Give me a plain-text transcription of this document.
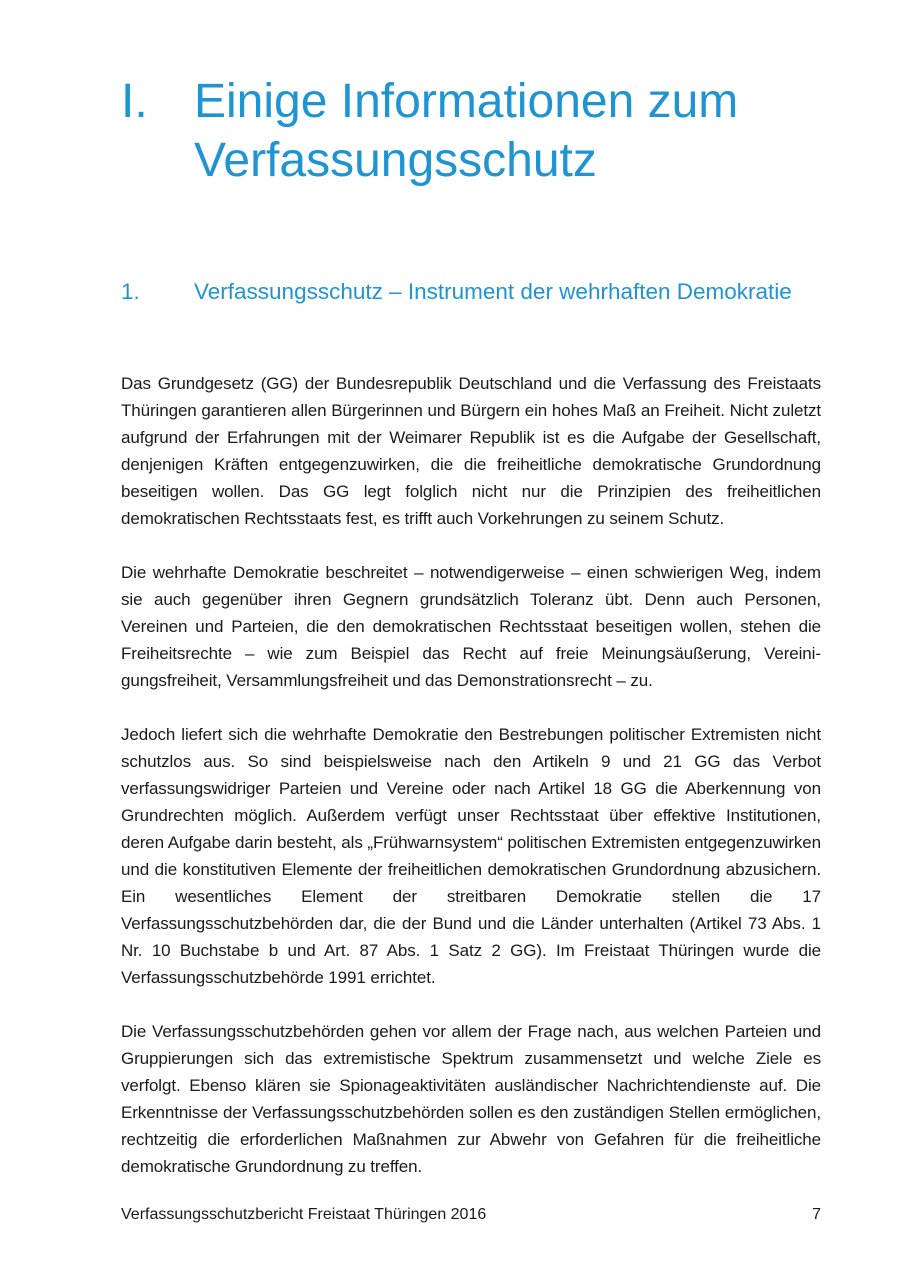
I. Einige Informationen zum Verfassungsschutz
1.	Verfassungsschutz – Instrument der wehrhaften Demokratie

Das Grundgesetz (GG) der Bundesrepublik Deutschland und die Verfassung des Freistaats Thüringen garantieren allen Bürgerinnen und Bürgern ein hohes Maß an Freiheit. Nicht zuletzt aufgrund der Erfahrungen mit der Weimarer Republik ist es die Aufgabe der Gesellschaft, denjenigen Kräften entgegenzuwirken, die die freiheitliche demokratische Grundordnung beseitigen wollen. Das GG legt folglich nicht nur die Prinzipien des freiheitlichen demokratischen Rechtsstaats fest, es trifft auch Vorkehrungen zu seinem Schutz.

Die wehrhafte Demokratie beschreitet – notwendigerweise – einen schwierigen Weg, indem sie auch gegenüber ihren Gegnern grundsätzlich Toleranz übt. Denn auch Personen, Vereinen und Parteien, die den demokratischen Rechtsstaat beseitigen wollen, stehen die Freiheitsrechte – wie zum Beispiel das Recht auf freie Meinungsäußerung, Vereinigungsfreiheit, Versammlungsfreiheit und das Demonstrationsrecht – zu.

Jedoch liefert sich die wehrhafte Demokratie den Bestrebungen politischer Extremisten nicht schutzlos aus. So sind beispielsweise nach den Artikeln 9 und 21 GG das Verbot verfassungswidriger Parteien und Vereine oder nach Artikel 18 GG die Aberkennung von Grundrechten möglich. Außerdem verfügt unser Rechtsstaat über effektive Institutionen, deren Aufgabe darin besteht, als „Frühwarnsystem“ politischen Extremisten entgegenzuwirken und die konstitutiven Elemente der freiheitlichen demokratischen Grundordnung abzusichern. Ein wesentliches Element der streitbaren Demokratie stellen die 17 Verfassungsschutzbehörden dar, die der Bund und die Länder unterhalten (Artikel 73 Abs. 1 Nr. 10 Buchstabe b und Art. 87 Abs. 1 Satz 2 GG). Im Freistaat Thüringen wurde die Verfassungsschutzbehörde 1991 errichtet.

Die Verfassungsschutzbehörden gehen vor allem der Frage nach, aus welchen Parteien und Gruppierungen sich das extremistische Spektrum zusammensetzt und welche Ziele es verfolgt. Ebenso klären sie Spionageaktivitäten ausländischer Nachrichtendienste auf. Die Erkenntnisse der Verfassungsschutzbehörden sollen es den zuständigen Stellen ermöglichen, rechtzeitig die erforderlichen Maßnahmen zur Abwehr von Gefahren für die freiheitliche demokratische Grundordnung zu treffen.

Verfassungsschutzbericht Freistaat Thüringen 2016	7
